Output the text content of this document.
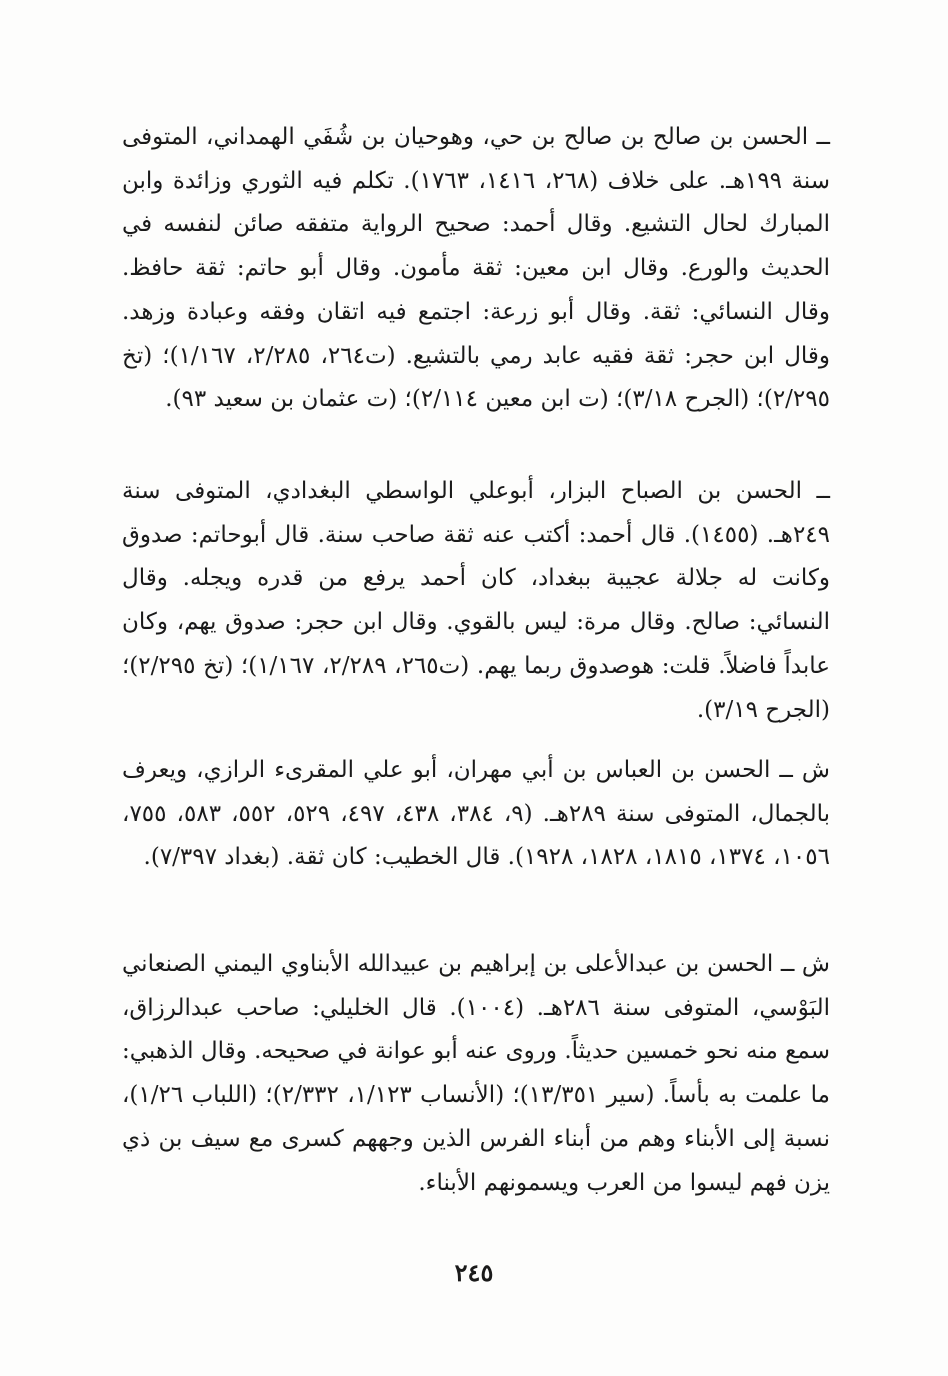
ــ الحسن بن صالح بن صالح بن حي، وهوحيان بن شُفَي الهمداني، المتوفى سنة ١٩٩هـ. على خلاف (٢٦٨، ١٤١٦، ١٧٦٣). تكلم فيه الثوري وزائدة وابن المبارك لحال التشيع. وقال أحمد: صحيح الرواية متفقه صائن لنفسه في الحديث والورع. وقال ابن معين: ثقة مأمون. وقال أبو حاتم: ثقة حافظ. وقال النسائي: ثقة. وقال أبو زرعة: اجتمع فيه اتقان وفقه وعبادة وزهد. وقال ابن حجر: ثقة فقيه عابد رمي بالتشيع. (ت٢٦٤، ٢/٢٨٥، ١/١٦٧)؛ (تخ ٢/٢٩٥)؛ (الجرح ٣/١٨)؛ (ت ابن معين ٢/١١٤)؛ (ت عثمان بن سعيد ٩٣).

ــ الحسن بن الصباح البزار، أبوعلي الواسطي البغدادي، المتوفى سنة ٢٤٩هـ. (١٤٥٥). قال أحمد: أكتب عنه ثقة صاحب سنة. قال أبوحاتم: صدوق وكانت له جلالة عجيبة ببغداد، كان أحمد يرفع من قدره ويجله. وقال النسائي: صالح. وقال مرة: ليس بالقوي. وقال ابن حجر: صدوق يهم، وكان عابداً فاضلاً. قلت: هوصدوق ربما يهم. (ت٢٦٥، ٢/٢٨٩، ١/١٦٧)؛ (تخ ٢/٢٩٥)؛ (الجرح ٣/١٩).

ش ــ الحسن بن العباس بن أبي مهران، أبو علي المقرىء الرازي، ويعرف بالجمال، المتوفى سنة ٢٨٩هـ. (٩، ٣٨٤، ٤٣٨، ٤٩٧، ٥٢٩، ٥٥٢، ٥٨٣، ٧٥٥، ١٠٥٦، ١٣٧٤، ١٨١٥، ١٨٢٨، ١٩٢٨). قال الخطيب: كان ثقة. (بغداد ٧/٣٩٧).

ش ــ الحسن بن عبدالأعلى بن إبراهيم بن عبيدالله الأبناوي اليمني الصنعاني البَوْسي، المتوفى سنة ٢٨٦هـ. (١٠٠٤). قال الخليلي: صاحب عبدالرزاق، سمع منه نحو خمسين حديثاً. وروى عنه أبو عوانة في صحيحه. وقال الذهبي: ما علمت به بأساً. (سير ١٣/٣٥١)؛ (الأنساب ١/١٢٣، ٢/٣٣٢)؛ (اللباب ١/٢٦)، نسبة إلى الأبناء وهم من أبناء الفرس الذين وجههم كسرى مع سيف بن ذي يزن فهم ليسوا من العرب ويسمونهم الأبناء.

٢٤٥
